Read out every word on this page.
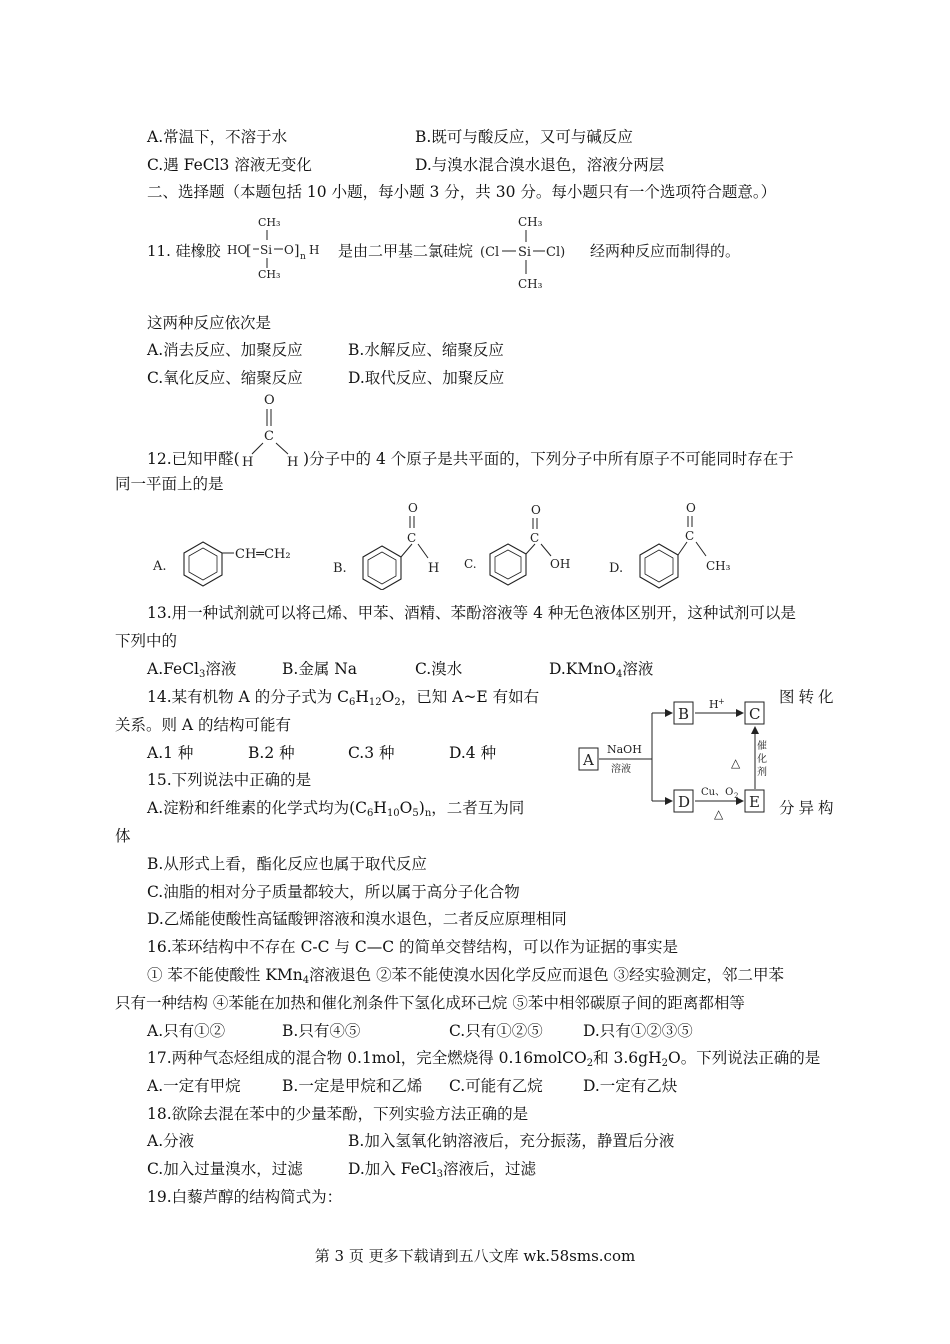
A.常温下，不溶于水	B.既可与酸反应，又可与碱反应
C.遇 FeCl3 溶液无变化	D.与溴水混合溴水退色，溶液分两层
二、选择题（本题包括 10 小题，每小题 3 分，共 30 分。每小题只有一个选项符合题意。）
11. 硅橡胶
CH₃
HO
[ Si O ] n H
CH₃
是由二甲基二氯硅烷
CH₃
(Cl Si Cl)
CH₃
经两种反应而制得的。
这两种反应依次是
A.消去反应、加聚反应	B.水解反应、缩聚反应
C.氧化反应、缩聚反应	D.取代反应、加聚反应
12.已知甲醛(
O
C
H	H )分子中的 4 个原子是共平面的，下列分子中所有原子不可能同时存在于
同一平面上的是
A.
CH═CH₂
B.
O
C
H C.
O
C
OH	D.
O
C
CH₃
13.用一种试剂就可以将己烯、甲苯、酒精、苯酚溶液等 4 种无色液体区别开，这种试剂可以是
下列中的
A.FeCl$_3$溶液	B.金属 Na	C.溴水	D.KMnO$_4$溶液
14.某有机物 A 的分子式为 $C_6H_{12}O_2$，已知 A~E 有如右	图转化
关系。则 A 的结构可能有
A.1 种	B.2 种	C.3 种	D.4 种	A
NaOH
溶液
B
H +
C
D
Cu、O 2
△
E
△
催
化
剂
15.下列说法中正确的是
A.淀粉和纤维素的化学式均为$(C_6H_{10}O_5)_n$，二者互为同	分异构
体
B.从形式上看，酯化反应也属于取代反应
C.油脂的相对分子质量都较大，所以属于高分子化合物
D.乙烯能使酸性高锰酸钾溶液和溴水退色，二者反应原理相同
16.苯环结构中不存在 C-C 与 C—C 的简单交替结构，可以作为证据的事实是
① 苯不能使酸性 KMn$_4$溶液退色 ②苯不能使溴水因化学反应而退色 ③经实验测定，邻二甲苯
只有一种结构 ④苯能在加热和催化剂条件下氢化成环己烷 ⑤苯中相邻碳原子间的距离都相等
A.只有①②	B.只有④⑤	C.只有①②⑤	D.只有①②③⑤
17.两种气态烃组成的混合物 0.1mol，完全燃烧得 0.16molCO$_2$和 $3.6gH_2O$。下列说法正确的是
A.一定有甲烷	B.一定是甲烷和乙烯 C.可能有乙烷	D.一定有乙炔
18.欲除去混在苯中的少量苯酚，下列实验方法正确的是
A.分液	B.加入氢氧化钠溶液后，充分振荡，静置后分液
C.加入过量溴水，过滤	D.加入 FeCl$_3$溶液后，过滤
19.白藜芦醇的结构简式为：
第 3 页 更多下载请到五八文库 wk.58sms.com
